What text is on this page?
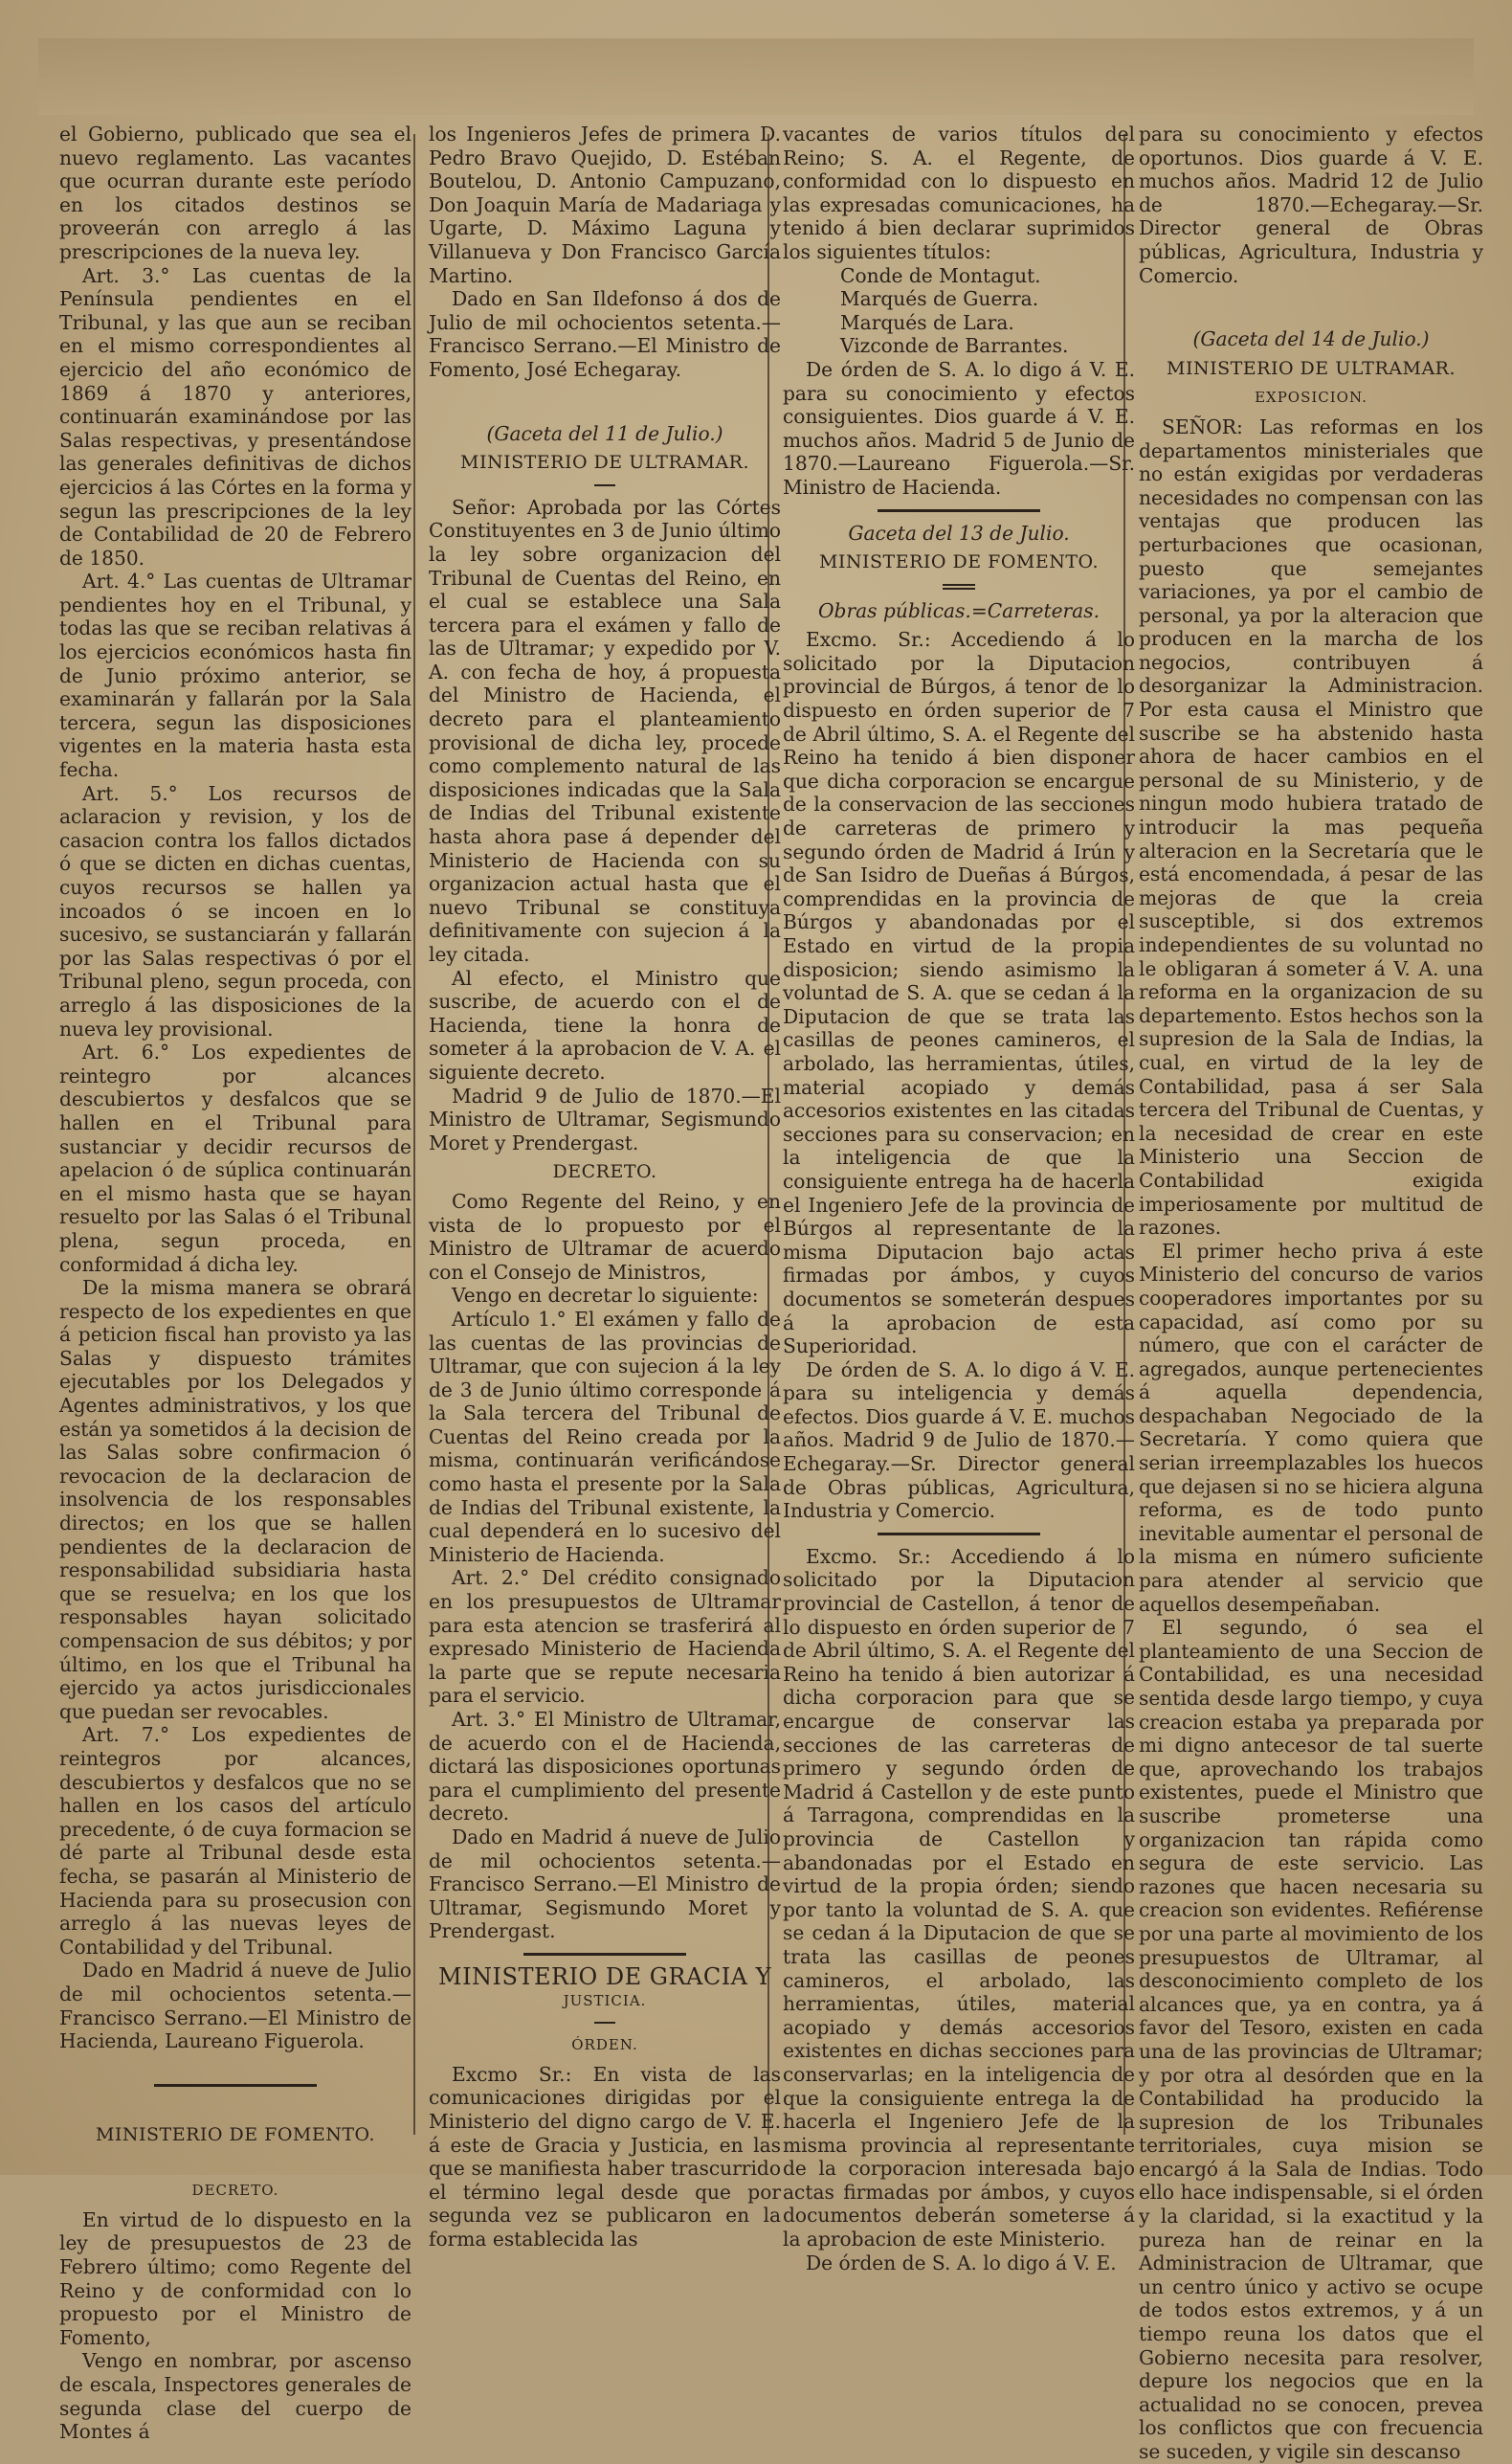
el Gobierno, publicado que sea el nuevo reglamento. Las vacantes que ocurran durante este período en los citados destinos se proveerán con arreglo á las prescripciones de la nueva ley.

Art. 3.° Las cuentas de la Península pendientes en el Tribunal, y las que aun se reciban en el mismo correspondientes al ejercicio del año económico de 1869 á 1870 y anteriores, continuarán examinándose por las Salas respectivas, y presentándose las generales definitivas de dichos ejercicios á las Córtes en la forma y segun las prescripciones de la ley de Contabilidad de 20 de Febrero de 1850.

Art. 4.° Las cuentas de Ultramar pendientes hoy en el Tribunal, y todas las que se reciban relativas á los ejercicios económicos hasta fin de Junio próximo anterior, se examinarán y fallarán por la Sala tercera, segun las disposiciones vigentes en la materia hasta esta fecha.

Art. 5.° Los recursos de aclaracion y revision, y los de casacion contra los fallos dictados ó que se dicten en dichas cuentas, cuyos recursos se hallen ya incoados ó se incoen en lo sucesivo, se sustanciarán y fallarán por las Salas respectivas ó por el Tribunal pleno, segun proceda, con arreglo á las disposiciones de la nueva ley provisional.

Art. 6.° Los expedientes de reintegro por alcances descubiertos y desfalcos que se hallen en el Tribunal para sustanciar y decidir recursos de apelacion ó de súplica continuarán en el mismo hasta que se hayan resuelto por las Salas ó el Tribunal plena, segun proceda, en conformidad á dicha ley.

De la misma manera se obrará respecto de los expedientes en que á peticion fiscal han provisto ya las Salas y dispuesto trámites ejecutables por los Delegados y Agentes administrativos, y los que están ya sometidos á la decision de las Salas sobre confirmacion ó revocacion de la declaracion de insolvencia de los responsables directos; en los que se hallen pendientes de la declaracion de responsabilidad subsidiaria hasta que se resuelva; en los que los responsables hayan solicitado compensacion de sus débitos; y por último, en los que el Tribunal ha ejercido ya actos jurisdiccionales que puedan ser revocables.

Art. 7.° Los expedientes de reintegros por alcances, descubiertos y desfalcos que no se hallen en los casos del artículo precedente, ó de cuya formacion se dé parte al Tribunal desde esta fecha, se pasarán al Ministerio de Hacienda para su prosecusion con arreglo á las nuevas leyes de Contabilidad y del Tribunal.

Dado en Madrid á nueve de Julio de mil ochocientos setenta.—Francisco Serrano.—El Ministro de Hacienda, Laureano Figuerola.

MINISTERIO DE FOMENTO.

DECRETO.

En virtud de lo dispuesto en la ley de presupuestos de 23 de Febrero último; como Regente del Reino y de conformidad con lo propuesto por el Ministro de Fomento,

Vengo en nombrar, por ascenso de escala, Inspectores generales de segunda clase del cuerpo de Montes á

los Ingenieros Jefes de primera D. Pedro Bravo Quejido, D. Estéban Boutelou, D. Antonio Campuzano, Don Joaquin María de Madariaga y Ugarte, D. Máximo Laguna y Villanueva y Don Francisco García Martino.

Dado en San Ildefonso á dos de Julio de mil ochocientos setenta.—Francisco Serrano.—El Ministro de Fomento, José Echegaray.

(Gaceta del 11 de Julio.)

MINISTERIO DE ULTRAMAR.

Señor: Aprobada por las Córtes Constituyentes en 3 de Junio último la ley sobre organizacion del Tribunal de Cuentas del Reino, en el cual se establece una Sala tercera para el exámen y fallo de las de Ultramar; y expedido por V. A. con fecha de hoy, á propuesta del Ministro de Hacienda, el decreto para el planteamiento provisional de dicha ley, procede como complemento natural de las disposiciones indicadas que la Sala de Indias del Tribunal existente hasta ahora pase á depender del Ministerio de Hacienda con su organizacion actual hasta que el nuevo Tribunal se constituya definitivamente con sujecion á la ley citada.

Al efecto, el Ministro que suscribe, de acuerdo con el de Hacienda, tiene la honra de someter á la aprobacion de V. A. el siguiente decreto.

Madrid 9 de Julio de 1870.—El Ministro de Ultramar, Segismundo Moret y Prendergast.

DECRETO.

Como Regente del Reino, y en vista de lo propuesto por el Ministro de Ultramar de acuerdo con el Consejo de Ministros,

Vengo en decretar lo siguiente:

Artículo 1.° El exámen y fallo de las cuentas de las provincias de Ultramar, que con sujecion á la ley de 3 de Junio último corresponde á la Sala tercera del Tribunal de Cuentas del Reino creada por la misma, continuarán verificándose como hasta el presente por la Sala de Indias del Tribunal existente, la cual dependerá en lo sucesivo del Ministerio de Hacienda.

Art. 2.° Del crédito consignado en los presupuestos de Ultramar para esta atencion se trasferirá al expresado Ministerio de Hacienda la parte que se repute necesaria para el servicio.

Art. 3.° El Ministro de Ultramar, de acuerdo con el de Hacienda, dictará las disposiciones oportunas para el cumplimiento del presente decreto.

Dado en Madrid á nueve de Julio de mil ochocientos setenta.—Francisco Serrano.—El Ministro de Ultramar, Segismundo Moret y Prendergast.

MINISTERIO DE GRACIA Y

JUSTICIA.

ÓRDEN.

Excmo Sr.: En vista de las comunicaciones dirigidas por el Ministerio del digno cargo de V. E. á este de Gracia y Justicia, en las que se manifiesta haber trascurrido el término legal desde que por segunda vez se publicaron en la forma establecida las

vacantes de varios títulos del Reino; S. A. el Regente, de conformidad con lo dispuesto en las expresadas comunicaciones, ha tenido á bien declarar suprimidos los siguientes títulos:

Conde de Montagut.

Marqués de Guerra.

Marqués de Lara.

Vizconde de Barrantes.

De órden de S. A. lo digo á V. E. para su conocimiento y efectos consiguientes. Dios guarde á V. E. muchos años. Madrid 5 de Junio de 1870.—Laureano Figuerola.—Sr. Ministro de Hacienda.

Gaceta del 13 de Julio.

MINISTERIO DE FOMENTO.

Obras públicas.=Carreteras.

Excmo. Sr.: Accediendo á lo solicitado por la Diputacion provincial de Búrgos, á tenor de lo dispuesto en órden superior de 7 de Abril último, S. A. el Regente del Reino ha tenido á bien disponer que dicha corporacion se encargue de la conservacion de las secciones de carreteras de primero y segundo órden de Madrid á Irún y de San Isidro de Dueñas á Búrgos, comprendidas en la provincia de Búrgos y abandonadas por el Estado en virtud de la propia disposicion; siendo asimismo la voluntad de S. A. que se cedan á la Diputacion de que se trata las casillas de peones camineros, el arbolado, las herramientas, útiles, material acopiado y demás accesorios existentes en las citadas secciones para su conservacion; en la inteligencia de que la consiguiente entrega ha de hacerla el Ingeniero Jefe de la provincia de Búrgos al representante de la misma Diputacion bajo actas firmadas por ámbos, y cuyos documentos se someterán despues á la aprobacion de esta Superioridad.

De órden de S. A. lo digo á V. E. para su inteligencia y demás efectos. Dios guarde á V. E. muchos años. Madrid 9 de Julio de 1870.—Echegaray.—Sr. Director general de Obras públicas, Agricultura, Industria y Comercio.

Excmo. Sr.: Accediendo á lo solicitado por la Diputacion provincial de Castellon, á tenor de lo dispuesto en órden superior de 7 de Abril último, S. A. el Regente del Reino ha tenido á bien autorizar á dicha corporacion para que se encargue de conservar las secciones de las carreteras de primero y segundo órden de Madrid á Castellon y de este punto á Tarragona, comprendidas en la provincia de Castellon y abandonadas por el Estado en virtud de la propia órden; siendo por tanto la voluntad de S. A. que se cedan á la Diputacion de que se trata las casillas de peones camineros, el arbolado, las herramientas, útiles, material acopiado y demás accesorios existentes en dichas secciones para conservarlas; en la inteligencia de que la consiguiente entrega la de hacerla el Ingeniero Jefe de la misma provincia al representante de la corporacion interesada bajo actas firmadas por ámbos, y cuyos documentos deberán someterse á la aprobacion de este Ministerio.

De órden de S. A. lo digo á V. E.

para su conocimiento y efectos oportunos. Dios guarde á V. E. muchos años. Madrid 12 de Julio de 1870.—Echegaray.—Sr. Director general de Obras públicas, Agricultura, Industria y Comercio.

(Gaceta del 14 de Julio.)

MINISTERIO DE ULTRAMAR.

EXPOSICION.

SEÑOR: Las reformas en los departamentos ministeriales que no están exigidas por verdaderas necesidades no compensan con las ventajas que producen las perturbaciones que ocasionan, puesto que semejantes variaciones, ya por el cambio de personal, ya por la alteracion que producen en la marcha de los negocios, contribuyen á desorganizar la Administracion. Por esta causa el Ministro que suscribe se ha abstenido hasta ahora de hacer cambios en el personal de su Ministerio, y de ningun modo hubiera tratado de introducir la mas pequeña alteracion en la Secretaría que le está encomendada, á pesar de las mejoras de que la creia susceptible, si dos extremos independientes de su voluntad no le obligaran á someter á V. A. una reforma en la organizacion de su departemento. Estos hechos son la supresion de la Sala de Indias, la cual, en virtud de la ley de Contabilidad, pasa á ser Sala tercera del Tribunal de Cuentas, y la necesidad de crear en este Ministerio una Seccion de Contabilidad exigida imperiosamente por multitud de razones.

El primer hecho priva á este Ministerio del concurso de varios cooperadores importantes por su capacidad, así como por su número, que con el carácter de agregados, aunque pertenecientes á aquella dependencia, despachaban Negociado de la Secretaría. Y como quiera que serian irreemplazables los huecos que dejasen si no se hiciera alguna reforma, es de todo punto inevitable aumentar el personal de la misma en número suficiente para atender al servicio que aquellos desempeñaban.

El segundo, ó sea el planteamiento de una Seccion de Contabilidad, es una necesidad sentida desde largo tiempo, y cuya creacion estaba ya preparada por mi digno antecesor de tal suerte que, aprovechando los trabajos existentes, puede el Ministro que suscribe prometerse una organizacion tan rápida como segura de este servicio. Las razones que hacen necesaria su creacion son evidentes. Refiérense por una parte al movimiento de los presupuestos de Ultramar, al desconocimiento completo de los alcances que, ya en contra, ya á favor del Tesoro, existen en cada una de las provincias de Ultramar; y por otra al desórden que en la Contabilidad ha producido la supresion de los Tribunales territoriales, cuya mision se encargó á la Sala de Indias. Todo ello hace indispensable, si el órden y la claridad, si la exactitud y la pureza han de reinar en la Administracion de Ultramar, que un centro único y activo se ocupe de todos estos extremos, y á un tiempo reuna los datos que el Gobierno necesita para resolver, depure los negocios que en la actualidad no se conocen, prevea los conflictos que con frecuencia se suceden, y vigile sin descanso
